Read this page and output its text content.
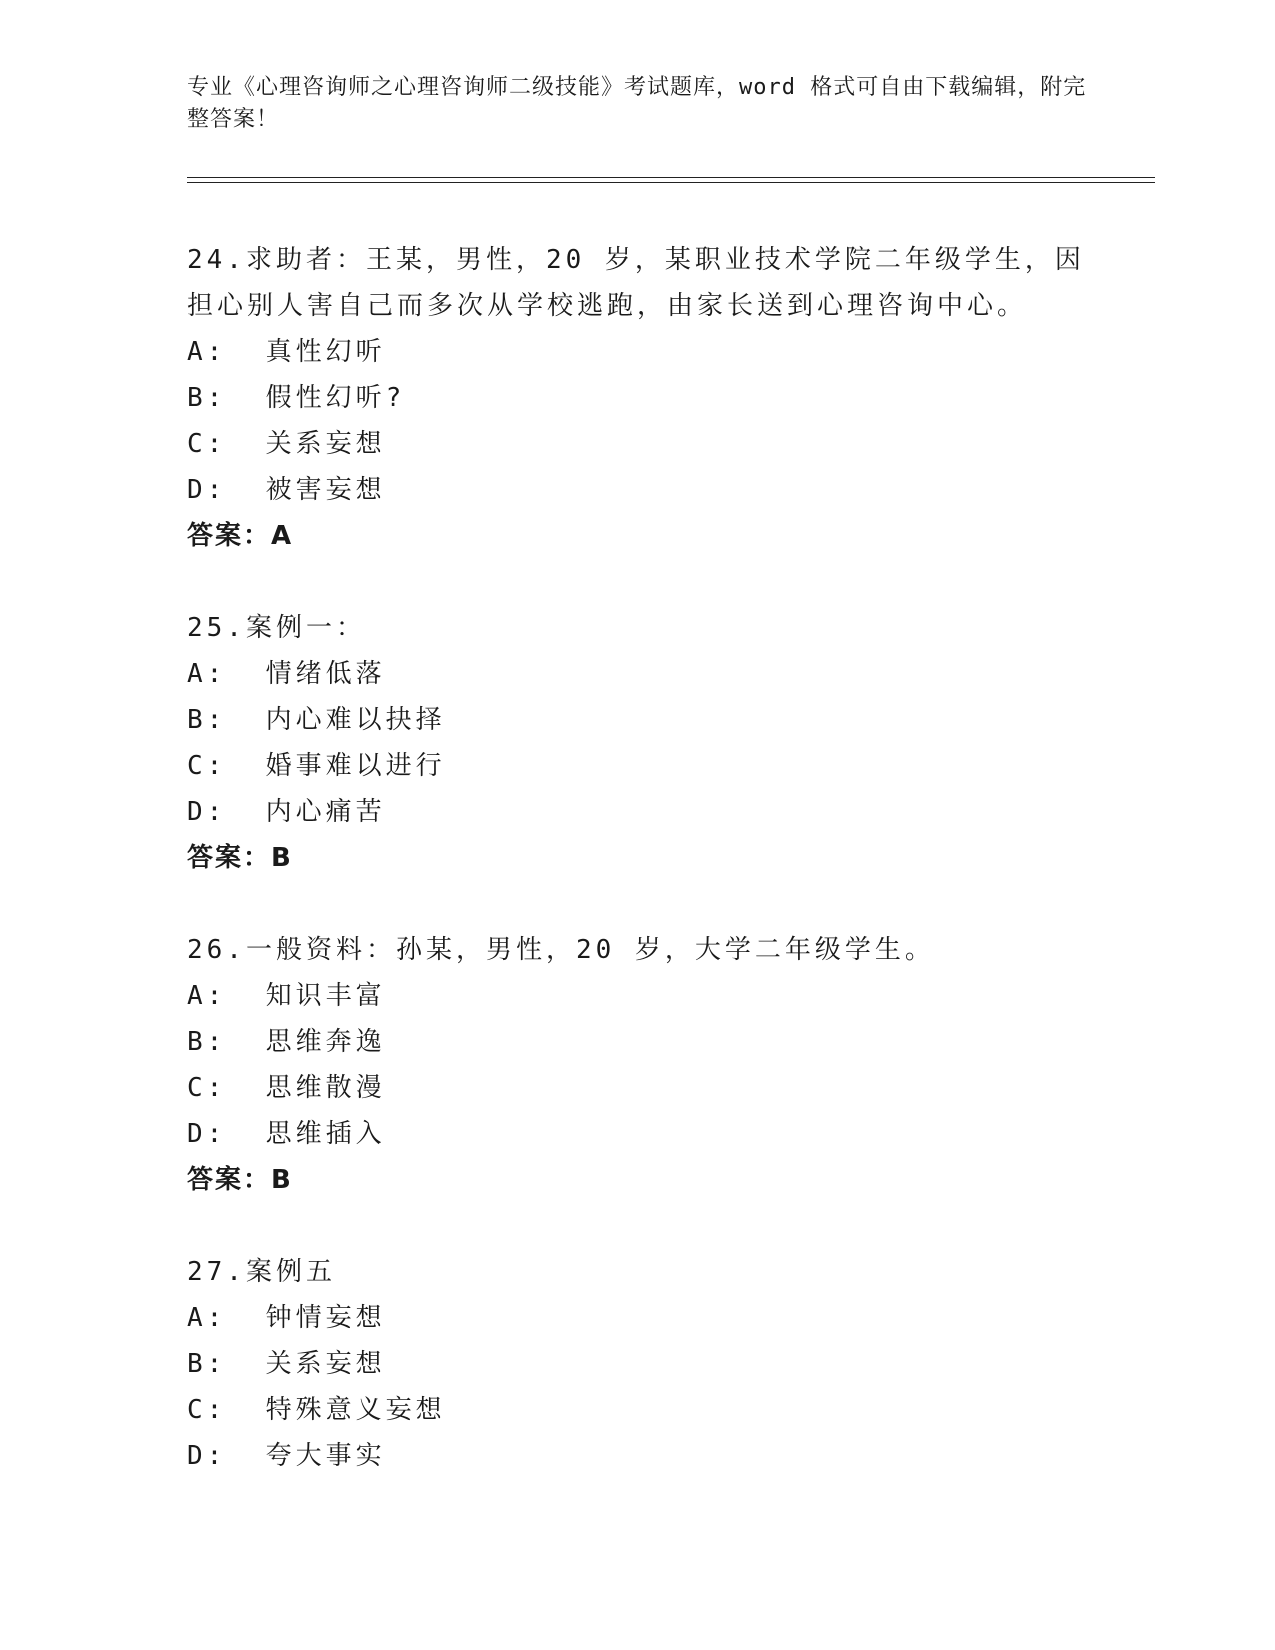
专业《心理咨询师之心理咨询师二级技能》考试题库，word 格式可自由下载编辑，附完整答案！

24.求助者：王某，男性，20 岁，某职业技术学院二年级学生，因担心别人害自己而多次从学校逃跑，由家长送到心理咨询中心。

A:  真性幻听

B:  假性幻听?

C:  关系妄想

D:  被害妄想

答案：A

25.案例一：

A:  情绪低落

B:  内心难以抉择

C:  婚事难以进行

D:  内心痛苦

答案：B

26.一般资料：孙某，男性，20 岁，大学二年级学生。

A:  知识丰富

B:  思维奔逸

C:  思维散漫

D:  思维插入

答案：B

27.案例五

A:  钟情妄想

B:  关系妄想

C:  特殊意义妄想

D:  夸大事实
